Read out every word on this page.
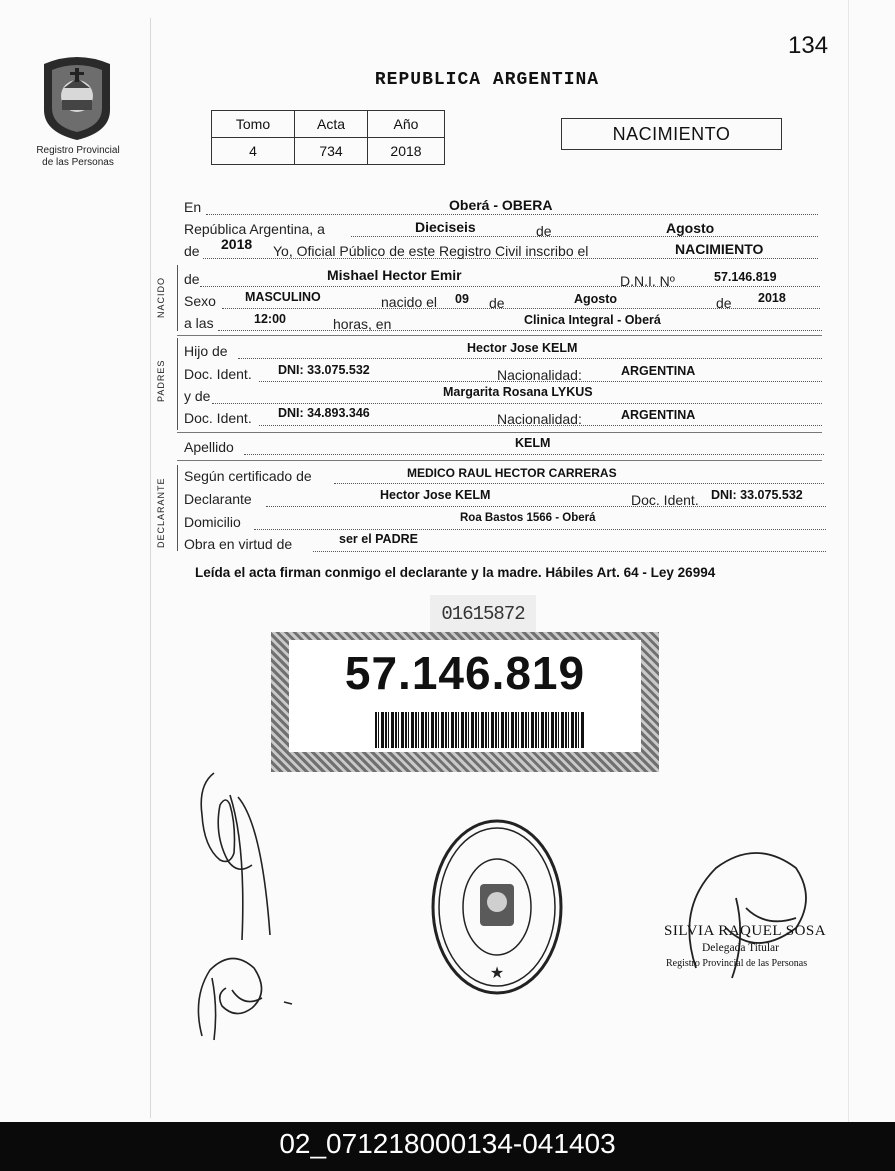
Registro Provincial
de las Personas
134
REPUBLICA ARGENTINA
Tomo	Acta	Año
4	734	2018
NACIMIENTO
En	Oberá - OBERA
República Argentina, a	Dieciseis	de	Agosto
de 2018 Yo, Oficial Público de este Registro Civil inscribo el	NACIMIENTO
NACIDO de	Mishael Hector Emir	D.N.I. Nº	57.146.819
Sexo MASCULINO	nacido el 09 de	Agosto	de 2018
a las	12:00	horas, en	Clinica Integral - Oberá
PADRES
Hijo de	Hector Jose KELM
Doc. Ident. DNI: 33.075.532	Nacionalidad:	ARGENTINA
y de	Margarita Rosana LYKUS
Doc. Ident. DNI: 34.893.346	Nacionalidad:	ARGENTINA
Apellido	KELM
DECLARANTE
Según certificado de	MEDICO RAUL HECTOR CARRERAS
Declarante	Hector Jose KELM	Doc. Ident. DNI: 33.075.532
Domicilio	Roa Bastos 1566 - Oberá
Obra en virtud de	ser el PADRE
Leída el acta firman conmigo el declarante y la madre. Hábiles Art. 64 - Ley 26994
01615872
57.146.819
★
SILVIA RAQUEL SOSA
Delegada Titular
Registro Provincial de las Personas
02_071218000134-041403
